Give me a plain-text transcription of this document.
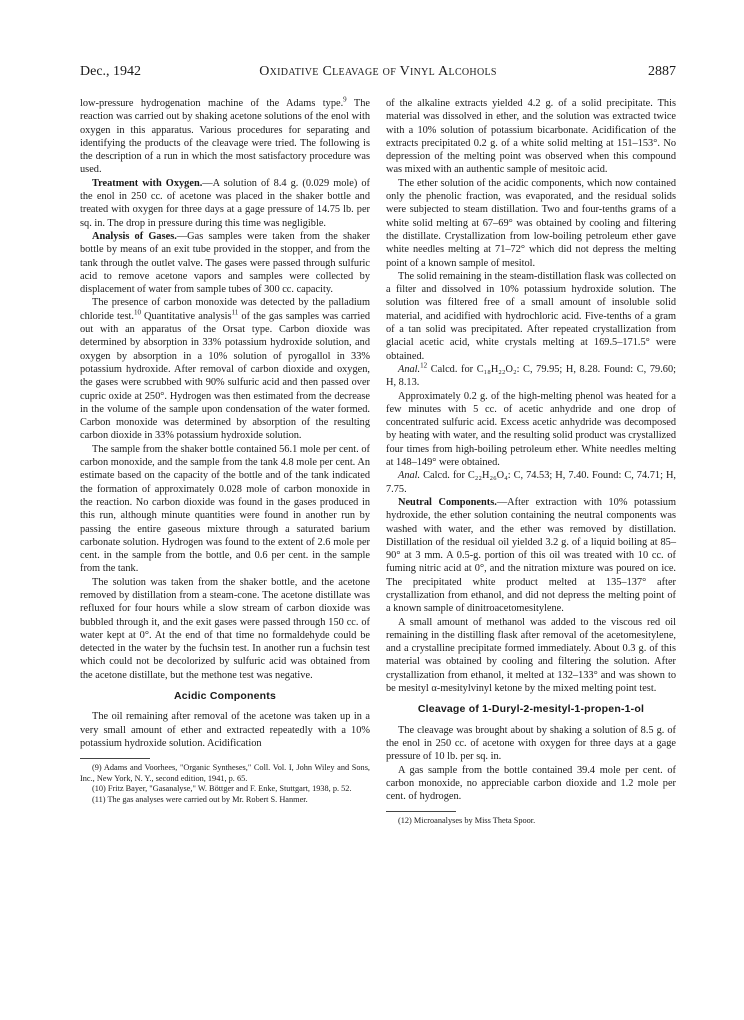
Dec., 1942	Oxidative Cleavage of Vinyl Alcohols	2887

low-pressure hydrogenation machine of the Adams type.$^9$ The reaction was carried out by shaking acetone solutions of the enol with oxygen in this apparatus. Various procedures for separating and identifying the products of the cleavage were tried. The following is the description of a run in which the most satisfactory procedure was used.

Treatment with Oxygen.—A solution of 8.4 g. (0.029 mole) of the enol in 250 cc. of acetone was placed in the shaker bottle and treated with oxygen for three days at a gage pressure of 14.75 lb. per sq. in. The drop in pressure during this time was negligible.

Analysis of Gases.—Gas samples were taken from the shaker bottle by means of an exit tube provided in the stopper, and from the tank through the outlet valve. The gases were passed through sulfuric acid to remove acetone vapors and samples were collected by displacement of water from sample tubes of 300 cc. capacity.

The presence of carbon monoxide was detected by the palladium chloride test.$^{10}$ Quantitative analysis$^{11}$ of the gas samples was carried out with an apparatus of the Orsat type. Carbon dioxide was determined by absorption in 33% potassium hydroxide solution, and oxygen by absorption in a 10% solution of pyrogallol in 33% potassium hydroxide. After removal of carbon dioxide and oxygen, the gases were scrubbed with 90% sulfuric acid and then passed over cupric oxide at 250°. Hydrogen was then estimated from the decrease in the volume of the sample upon condensation of the water formed. Carbon monoxide was determined by absorption of the resulting carbon dioxide in 33% potassium hydroxide solution.

The sample from the shaker bottle contained 56.1 mole per cent. of carbon monoxide, and the sample from the tank 4.8 mole per cent. An estimate based on the capacity of the bottle and of the tank indicated the formation of approximately 0.028 mole of carbon monoxide in the reaction. No carbon dioxide was found in the gases produced in this run, although minute quantities were found in another run by passing the entire gaseous mixture through a saturated barium carbonate solution. Hydrogen was found to the extent of 2.6 mole per cent. in the sample from the bottle, and 0.6 per cent. in the sample from the tank.

The solution was taken from the shaker bottle, and the acetone removed by distillation from a steam-cone. The acetone distillate was refluxed for four hours while a slow stream of carbon dioxide was bubbled through it, and the exit gases were passed through 150 cc. of water kept at 0°. At the end of that time no formaldehyde could be detected in the water by the fuchsin test. In another run a fuchsin test which could not be decolorized by sulfuric acid was obtained from the acetone distillate, but the methone test was negative.

Acidic Components

The oil remaining after removal of the acetone was taken up in a very small amount of ether and extracted repeatedly with a 10% potassium hydroxide solution. Acidification

(9) Adams and Voorhees, "Organic Syntheses," Coll. Vol. I, John Wiley and Sons, Inc., New York, N. Y., second edition, 1941, p. 65.

(10) Fritz Bayer, "Gasanalyse," W. Böttger and F. Enke, Stuttgart, 1938, p. 52.

(11) The gas analyses were carried out by Mr. Robert S. Hanmer.

of the alkaline extracts yielded 4.2 g. of a solid precipitate. This material was dissolved in ether, and the solution was extracted twice with a 10% solution of potassium bicarbonate. Acidification of the extracts precipitated 0.2 g. of a white solid melting at 151–153°. No depression of the melting point was observed when this compound was mixed with an authentic sample of mesitoic acid.

The ether solution of the acidic components, which now contained only the phenolic fraction, was evaporated, and the residual solids were subjected to steam distillation. Two and four-tenths grams of a white solid melting at 67–69° was obtained by cooling and filtering the distillate. Crystallization from low-boiling petroleum ether gave white needles melting at 71–72° which did not depress the melting point of a known sample of mesitol.

The solid remaining in the steam-distillation flask was collected on a filter and dissolved in 10% potassium hydroxide solution. The solution was filtered free of a small amount of insoluble solid material, and acidified with hydrochloric acid. Five-tenths of a gram of a tan solid was precipitated. After repeated crystallization from glacial acetic acid, white crystals melting at 169.5–171.5° were obtained.

Anal.$^{12}$ Calcd. for C₁₈H₂₂O₂: C, 79.95; H, 8.28. Found: C, 79.60; H, 8.13.

Approximately 0.2 g. of the high-melting phenol was heated for a few minutes with 5 cc. of acetic anhydride and one drop of concentrated sulfuric acid. Excess acetic anhydride was decomposed by heating with water, and the resulting solid product was crystallized four times from high-boiling petroleum ether. White needles melting at 148–149° were obtained.

Anal. Calcd. for C₂₂H₂₆O₄: C, 74.53; H, 7.40. Found: C, 74.71; H, 7.75.

Neutral Components.—After extraction with 10% potassium hydroxide, the ether solution containing the neutral components was washed with water, and the ether was removed by distillation. Distillation of the residual oil yielded 3.2 g. of a liquid boiling at 85–90° at 3 mm. A 0.5-g. portion of this oil was treated with 10 cc. of fuming nitric acid at 0°, and the nitration mixture was poured on ice. The precipitated white product melted at 135–137° after crystallization from ethanol, and did not depress the melting point of a known sample of dinitroacetomesitylene.

A small amount of methanol was added to the viscous red oil remaining in the distilling flask after removal of the acetomesitylene, and a crystalline precipitate formed immediately. About 0.3 g. of this material was obtained by cooling and filtering the solution. After crystallization from ethanol, it melted at 132–133° and was shown to be mesityl α-mesitylvinyl ketone by the mixed melting point test.

Cleavage of 1-Duryl-2-mesityl-1-propen-1-ol

The cleavage was brought about by shaking a solution of 8.5 g. of the enol in 250 cc. of acetone with oxygen for three days at a gage pressure of 10 lb. per sq. in.

A gas sample from the bottle contained 39.4 mole per cent. of carbon monoxide, no appreciable carbon dioxide and 1.2 mole per cent. of hydrogen.

(12) Microanalyses by Miss Theta Spoor.
